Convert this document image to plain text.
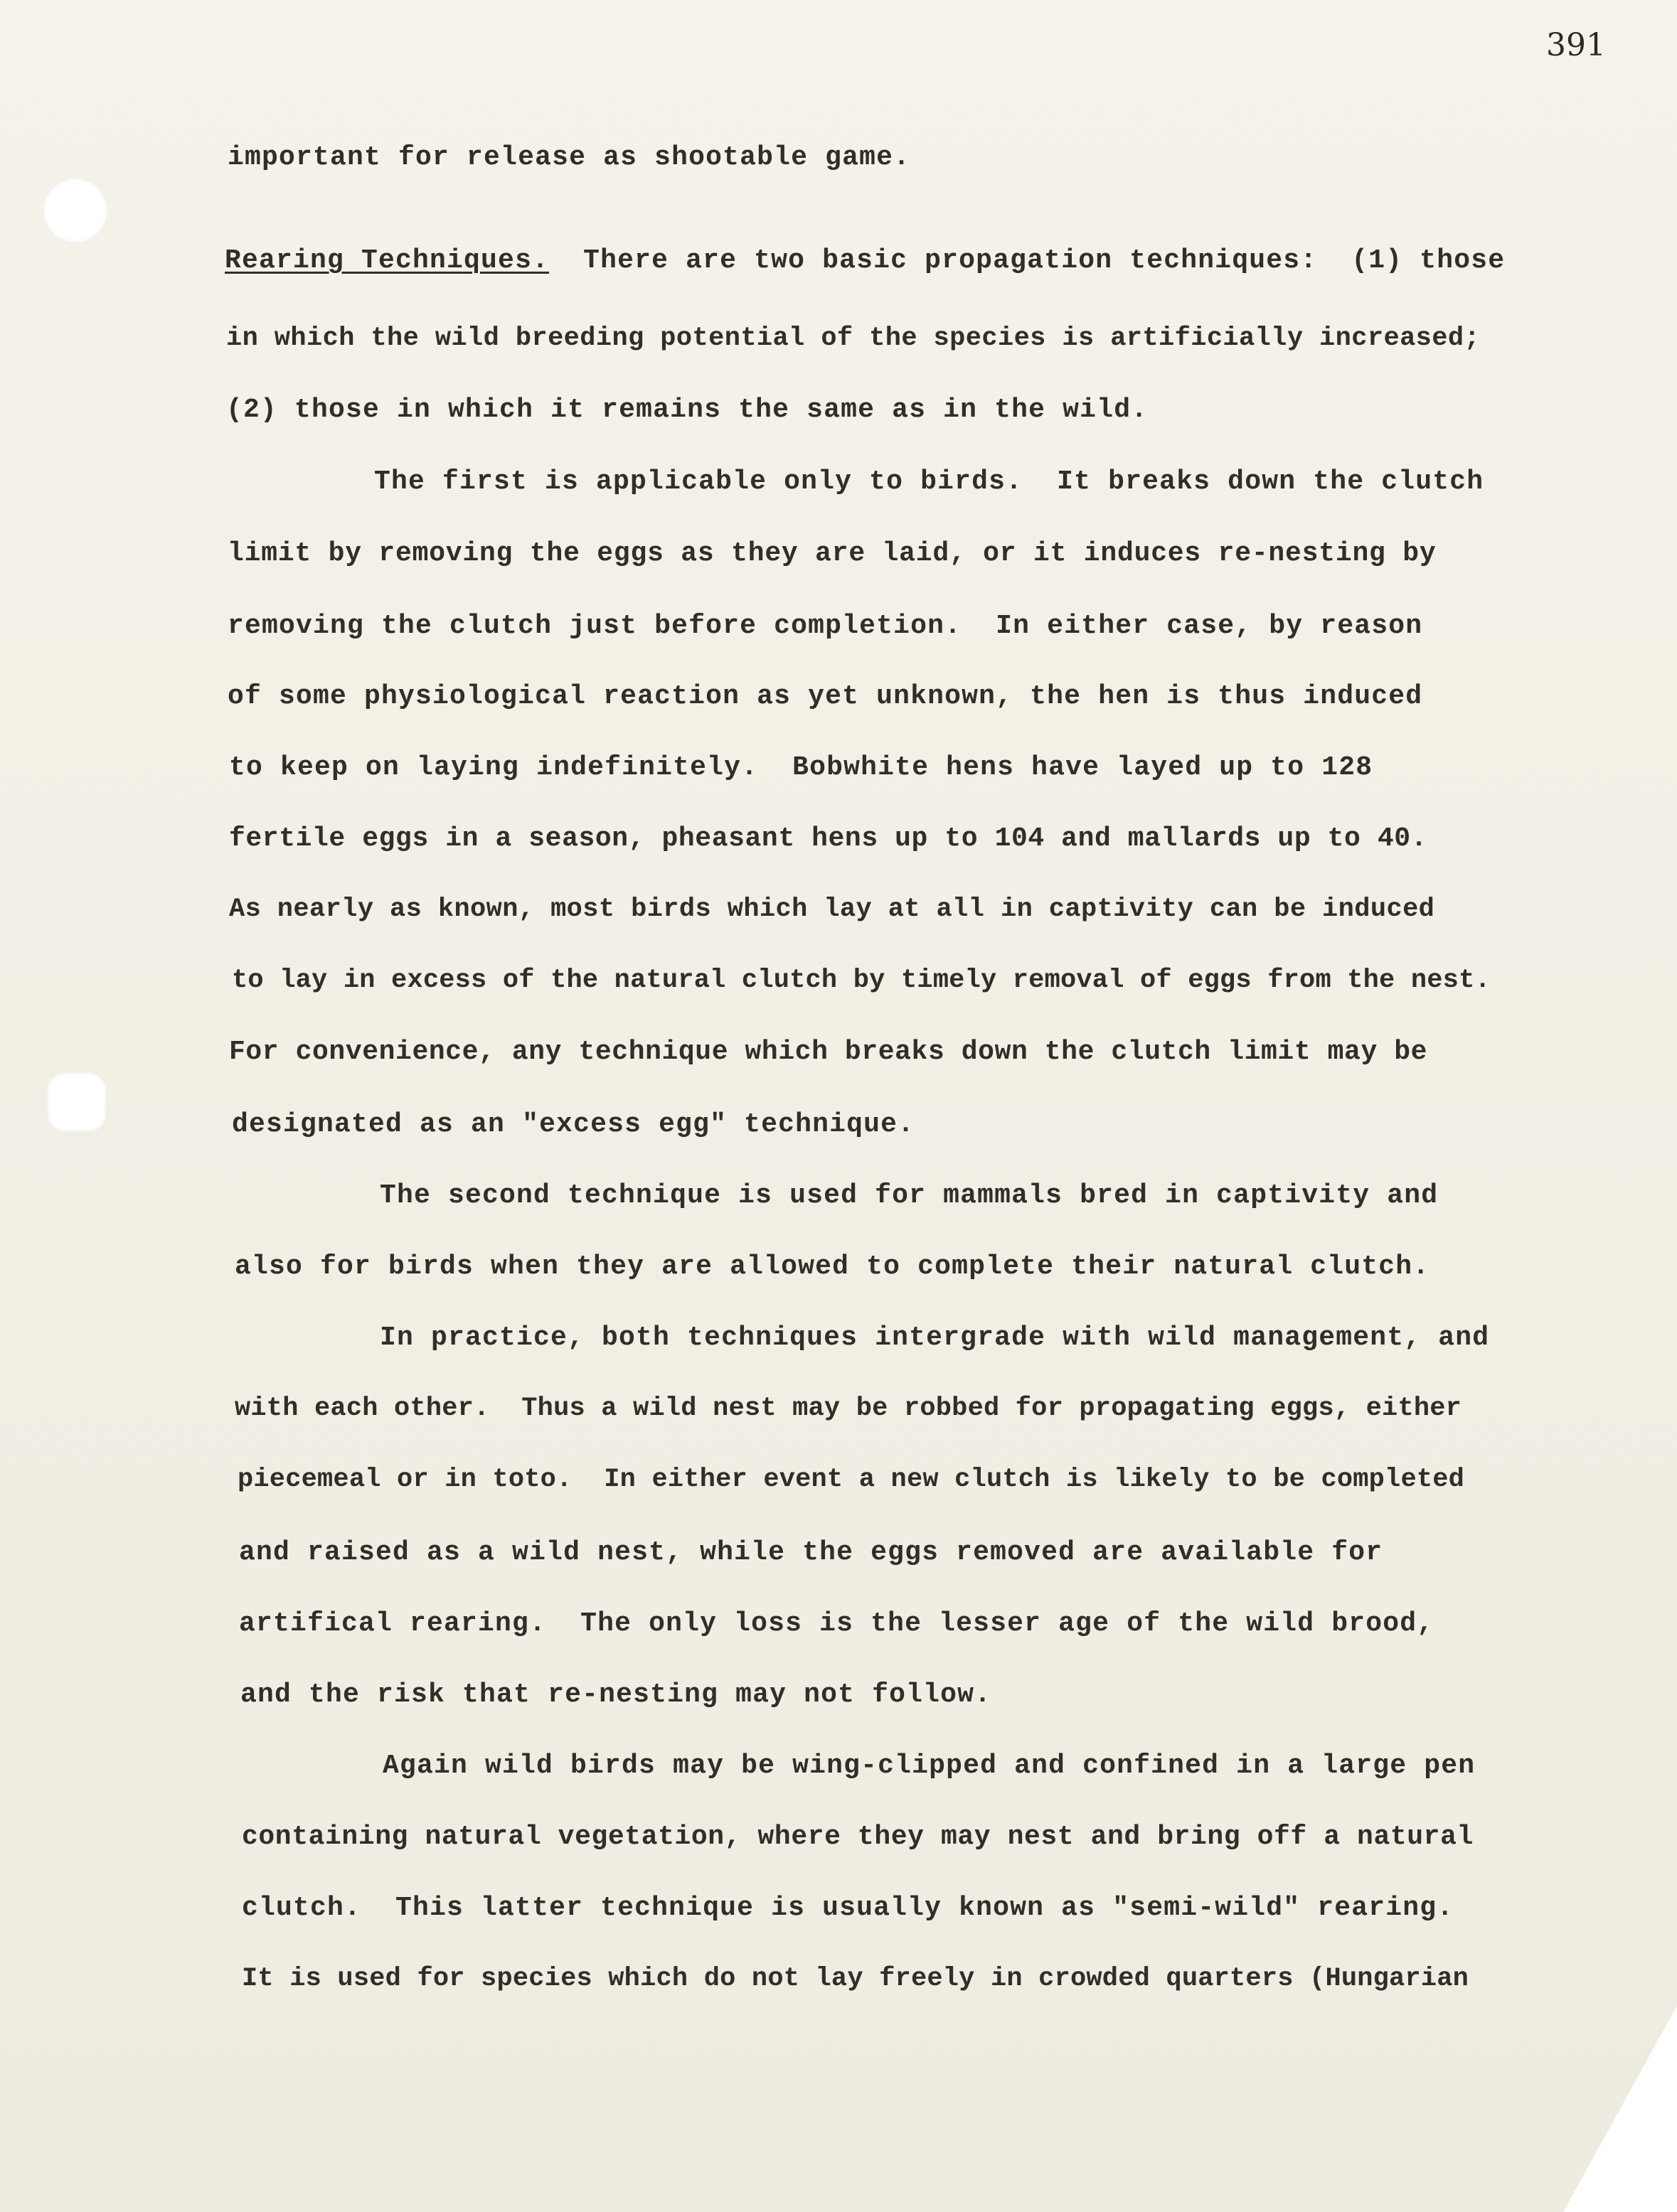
391
important for release as shootable game.
Rearing Techniques.  There are two basic propagation techniques:  (1) those
in which the wild breeding potential of the species is artificially increased;
(2) those in which it remains the same as in the wild.
The first is applicable only to birds.  It breaks down the clutch
limit by removing the eggs as they are laid, or it induces re-nesting by
removing the clutch just before completion.  In either case, by reason
of some physiological reaction as yet unknown, the hen is thus induced
to keep on laying indefinitely.  Bobwhite hens have layed up to 128
fertile eggs in a season, pheasant hens up to 104 and mallards up to 40.
As nearly as known, most birds which lay at all in captivity can be induced
to lay in excess of the natural clutch by timely removal of eggs from the nest.
For convenience, any technique which breaks down the clutch limit may be
designated as an "excess egg" technique.
The second technique is used for mammals bred in captivity and
also for birds when they are allowed to complete their natural clutch.
In practice, both techniques intergrade with wild management, and
with each other.  Thus a wild nest may be robbed for propagating eggs, either
piecemeal or in toto.  In either event a new clutch is likely to be completed
and raised as a wild nest, while the eggs removed are available for
artifical rearing.  The only loss is the lesser age of the wild brood,
and the risk that re-nesting may not follow.
Again wild birds may be wing-clipped and confined in a large pen
containing natural vegetation, where they may nest and bring off a natural
clutch.  This latter technique is usually known as "semi-wild" rearing.
It is used for species which do not lay freely in crowded quarters (Hungarian
